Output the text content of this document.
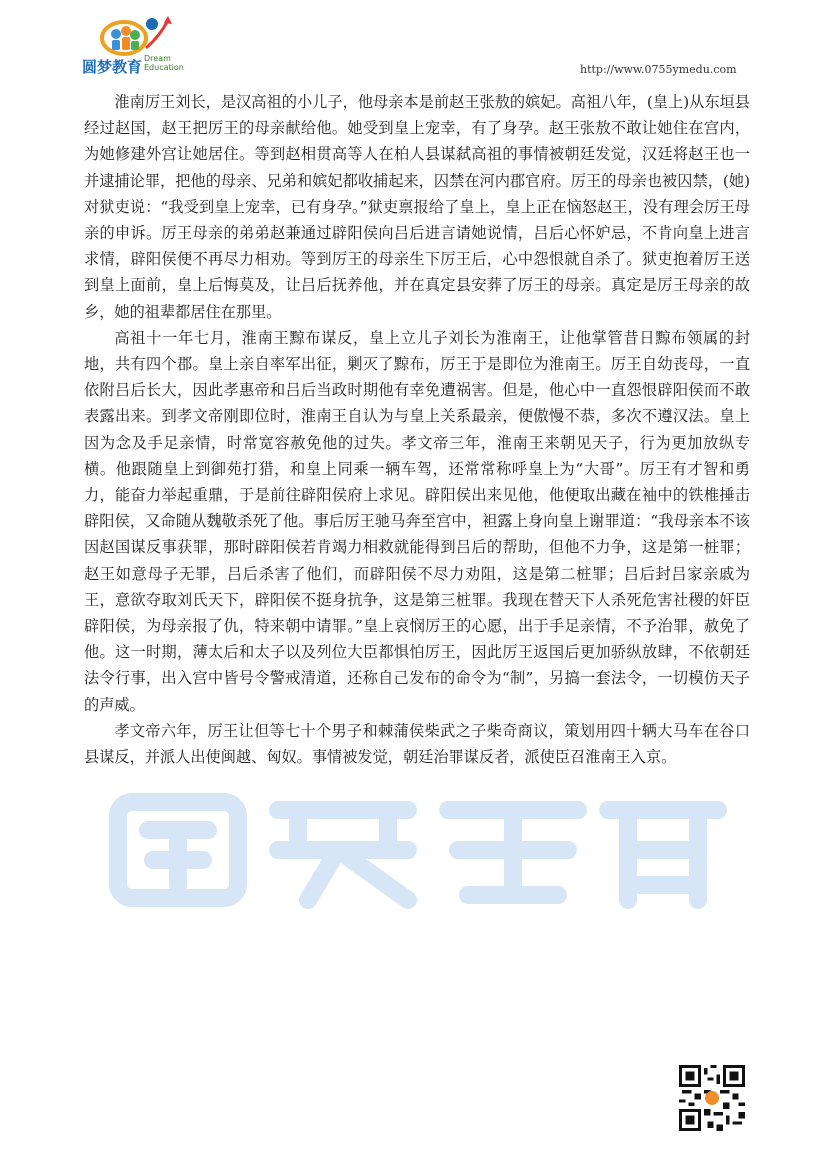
圆梦教育 Dream
Education	http://www.0755ymedu.com

淮南厉王刘长，是汉高祖的小儿子，他母亲本是前赵王张敖的嫔妃。高祖八年，(皇上)从东垣县经过赵国，赵王把厉王的母亲献给他。她受到皇上宠幸，有了身孕。赵王张敖不敢让她住在宫内，为她修建外宫让她居住。等到赵相贯高等人在柏人县谋弑高祖的事情被朝廷发觉，汉廷将赵王也一并逮捕论罪，把他的母亲、兄弟和嫔妃都收捕起来，囚禁在河内郡官府。厉王的母亲也被囚禁，(她)对狱吏说：“我受到皇上宠幸，已有身孕。”狱吏禀报给了皇上，皇上正在恼怒赵王，没有理会厉王母亲的申诉。厉王母亲的弟弟赵兼通过辟阳侯向吕后进言请她说情，吕后心怀妒忌，不肯向皇上进言求情，辟阳侯便不再尽力相劝。等到厉王的母亲生下厉王后，心中怨恨就自杀了。狱吏抱着厉王送到皇上面前，皇上后悔莫及，让吕后抚养他，并在真定县安葬了厉王的母亲。真定是厉王母亲的故乡，她的祖辈都居住在那里。

高祖十一年七月，淮南王黥布谋反，皇上立儿子刘长为淮南王，让他掌管昔日黥布领属的封地，共有四个郡。皇上亲自率军出征，剿灭了黥布，厉王于是即位为淮南王。厉王自幼丧母，一直依附吕后长大，因此孝惠帝和吕后当政时期他有幸免遭祸害。但是，他心中一直怨恨辟阳侯而不敢表露出来。到孝文帝刚即位时，淮南王自认为与皇上关系最亲，便傲慢不恭，多次不遵汉法。皇上因为念及手足亲情，时常宽容赦免他的过失。孝文帝三年，淮南王来朝见天子，行为更加放纵专横。他跟随皇上到御苑打猎，和皇上同乘一辆车驾，还常常称呼皇上为“大哥”。厉王有才智和勇力，能奋力举起重鼎，于是前往辟阳侯府上求见。辟阳侯出来见他，他便取出藏在袖中的铁椎捶击辟阳侯，又命随从魏敬杀死了他。事后厉王驰马奔至宫中，袒露上身向皇上谢罪道：“我母亲本不该因赵国谋反事获罪，那时辟阳侯若肯竭力相救就能得到吕后的帮助，但他不力争，这是第一桩罪；赵王如意母子无罪，吕后杀害了他们，而辟阳侯不尽力劝阻，这是第二桩罪；吕后封吕家亲戚为王，意欲夺取刘氏天下，辟阳侯不挺身抗争，这是第三桩罪。我现在替天下人杀死危害社稷的奸臣辟阳侯，为母亲报了仇，特来朝中请罪。”皇上哀悯厉王的心愿，出于手足亲情，不予治罪，赦免了他。这一时期，薄太后和太子以及列位大臣都惧怕厉王，因此厉王返国后更加骄纵放肆，不依朝廷法令行事，出入宫中皆号令警戒清道，还称自己发布的命令为“制”，另搞一套法令，一切模仿天子的声威。

孝文帝六年，厉王让但等七十个男子和棘蒲侯柴武之子柴奇商议，策划用四十辆大马车在谷口县谋反，并派人出使闽越、匈奴。事情被发觉，朝廷治罪谋反者，派使臣召淮南王入京。
